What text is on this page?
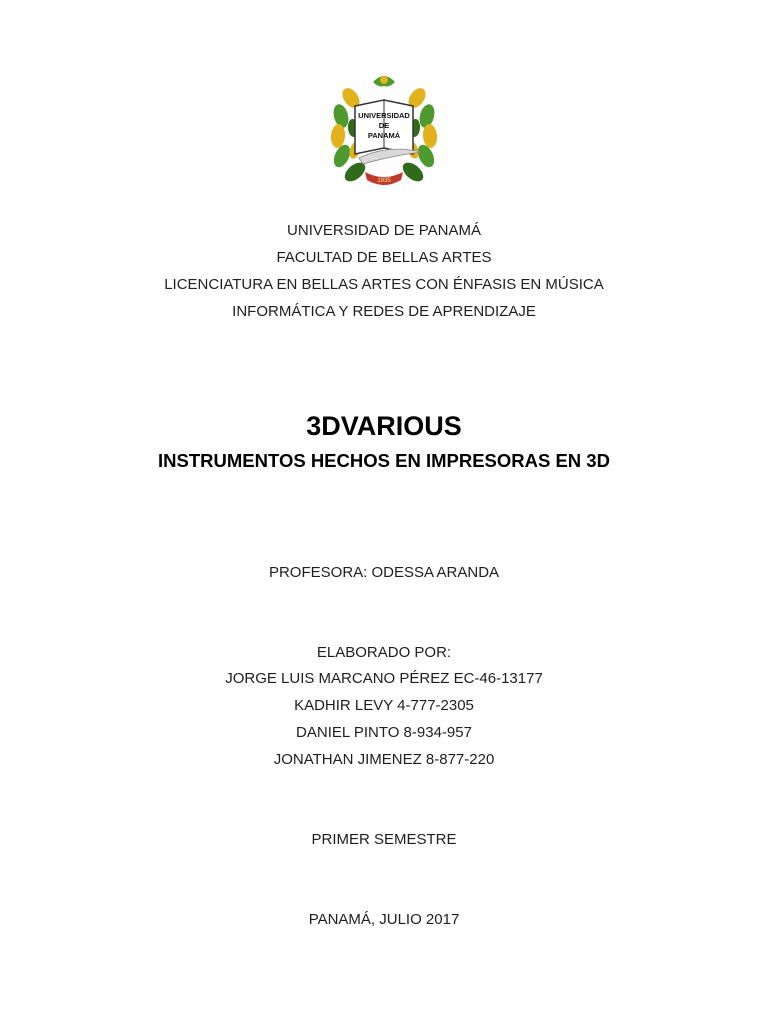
UNIVERSIDAD
DE
PANAMÁ
1935
UNIVERSIDAD DE PANAMÁ
FACULTAD DE BELLAS ARTES
LICENCIATURA EN BELLAS ARTES CON ÉNFASIS EN MÚSICA
INFORMÁTICA Y REDES DE APRENDIZAJE
3DVARIOUS
INSTRUMENTOS HECHOS EN IMPRESORAS EN 3D
PROFESORA: ODESSA ARANDA
ELABORADO POR:
JORGE LUIS MARCANO PÉREZ EC-46-13177
KADHIR LEVY 4-777-2305
DANIEL PINTO 8-934-957
JONATHAN JIMENEZ 8-877-220
PRIMER SEMESTRE
PANAMÁ, JULIO 2017
